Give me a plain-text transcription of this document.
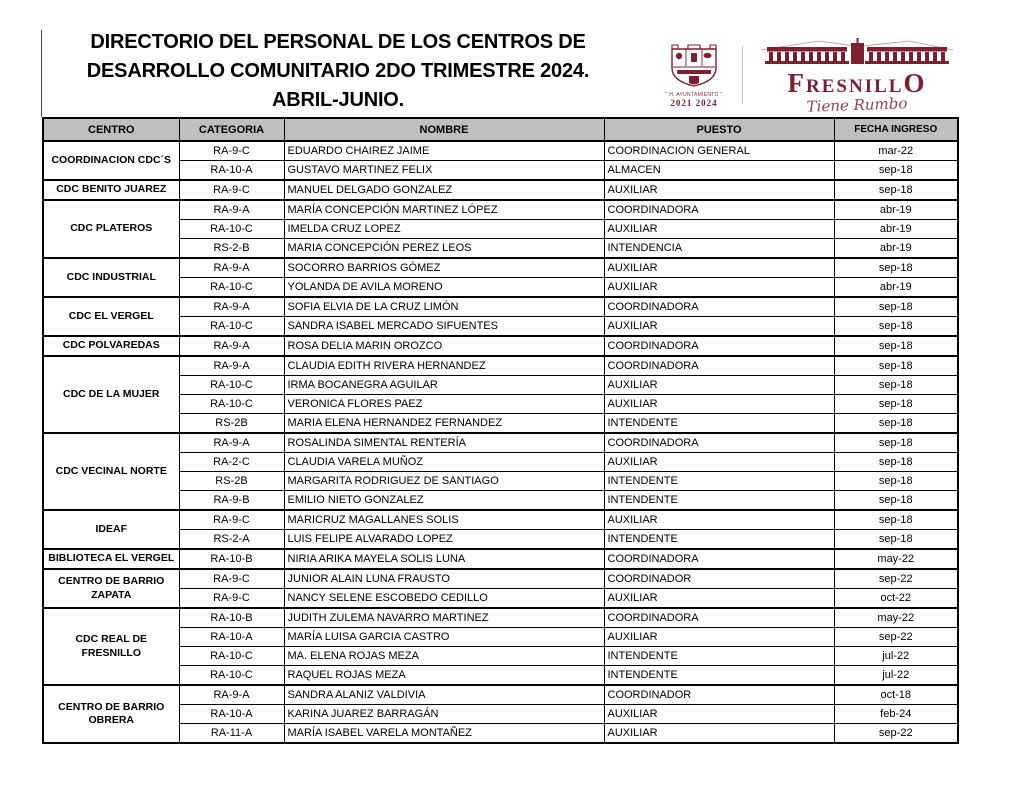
DIRECTORIO DEL PERSONAL DE LOS CENTROS DE
DESARROLLO COMUNITARIO 2DO TRIMESTRE 2024.
ABRIL-JUNIO.	" H. AYUNTAMIENTO "
2021 2024
FRESNILLO
Tiene Rumbo
CENTRO	CATEGORIA	NOMBRE	PUESTO	FECHA INGRESO
COORDINACION CDC´S	RA-9-C	EDUARDO CHAIREZ JAIME	COORDINACION GENERAL	mar-22
	RA-10-A	GUSTAVO MARTINEZ FELIX	ALMACEN	sep-18
CDC BENITO JUAREZ	RA-9-C	MANUEL DELGADO GONZALEZ	AUXILIAR	sep-18
CDC PLATEROS	RA-9-A	MARÍA CONCEPCIÓN MARTINEZ LÓPEZ	COORDINADORA	abr-19
	RA-10-C	IMELDA CRUZ LOPEZ	AUXILIAR	abr-19
	RS-2-B	MARIA CONCEPCIÓN PEREZ LEOS	INTENDENCIA	abr-19
CDC INDUSTRIAL	RA-9-A	SOCORRO BARRIOS GÓMEZ	AUXILIAR	sep-18
	RA-10-C	YOLANDA DE AVILA MORENO	AUXILIAR	abr-19
CDC EL VERGEL	RA-9-A	SOFIA ELVIA DE LA CRUZ LIMÓN	COORDINADORA	sep-18
	RA-10-C	SANDRA ISABEL MERCADO SIFUENTES	AUXILIAR	sep-18
CDC POLVAREDAS	RA-9-A	ROSA DELIA MARIN OROZCO	COORDINADORA	sep-18
CDC DE LA MUJER	RA-9-A	CLAUDIA EDITH RIVERA HERNANDEZ	COORDINADORA	sep-18
	RA-10-C	IRMA BOCANEGRA AGUILAR	AUXILIAR	sep-18
	RA-10-C	VERONICA FLORES PAEZ	AUXILIAR	sep-18
	RS-2B	MARIA ELENA HERNANDEZ FERNANDEZ	INTENDENTE	sep-18
CDC VECINAL NORTE	RA-9-A	ROSALINDA SIMENTAL RENTERÍA	COORDINADORA	sep-18
	RA-2-C	CLAUDIA VARELA MUÑOZ	AUXILIAR	sep-18
	RS-2B	MARGARITA RODRIGUEZ DE SANTIAGO	INTENDENTE	sep-18
	RA-9-B	EMILIO NIETO GONZALEZ	INTENDENTE	sep-18
IDEAF	RA-9-C	MARICRUZ MAGALLANES SOLIS	AUXILIAR	sep-18
	RS-2-A	LUIS FELIPE ALVARADO LOPEZ	INTENDENTE	sep-18
BIBLIOTECA EL VERGEL	RA-10-B	NIRIA ARIKA MAYELA SOLIS LUNA	COORDINADORA	may-22
CENTRO DE BARRIO ZAPATA	RA-9-C	JUNIOR ALAIN LUNA FRAUSTO	COORDINADOR	sep-22
	RA-9-C	NANCY SELENE ESCOBEDO CEDILLO	AUXILIAR	oct-22
CDC REAL DE FRESNILLO	RA-10-B	JUDITH ZULEMA NAVARRO MARTINEZ	COORDINADORA	may-22
	RA-10-A	MARÍA LUISA GARCIA CASTRO	AUXILIAR	sep-22
	RA-10-C	MA. ELENA ROJAS MEZA	INTENDENTE	jul-22
	RA-10-C	RAQUEL ROJAS MEZA	INTENDENTE	jul-22
CENTRO DE BARRIO OBRERA	RA-9-A	SANDRA ALANIZ VALDIVIA	COORDINADOR	oct-18
	RA-10-A	KARINA JUAREZ BARRAGÁN	AUXILIAR	feb-24
	RA-11-A	MARÍA ISABEL VARELA MONTAÑEZ	AUXILIAR	sep-22
